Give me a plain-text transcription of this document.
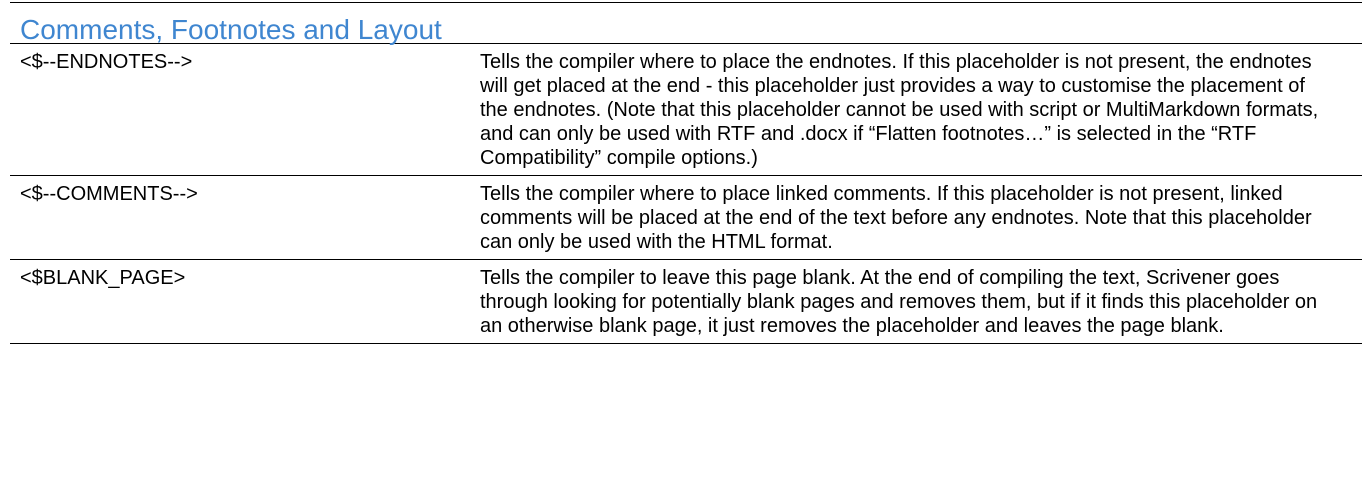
Comments, Footnotes and Layout
<$--ENDNOTES-->	Tells the compiler where to place the endnotes. If this placeholder is not present, the endnotes will get placed at the end - this placeholder just provides a way to customise the placement of the endnotes. (Note that this placeholder cannot be used with script or MultiMarkdown formats, and can only be used with RTF and .docx if “Flatten footnotes…” is selected in the “RTF Compatibility” compile options.)
<$--COMMENTS-->	Tells the compiler where to place linked comments. If this placeholder is not present, linked comments will be placed at the end of the text before any endnotes. Note that this placeholder can only be used with the HTML format.
<$BLANK_PAGE>	Tells the compiler to leave this page blank. At the end of compiling the text, Scrivener goes through looking for potentially blank pages and removes them, but if it finds this placeholder on an otherwise blank page, it just removes the placeholder and leaves the page blank.
